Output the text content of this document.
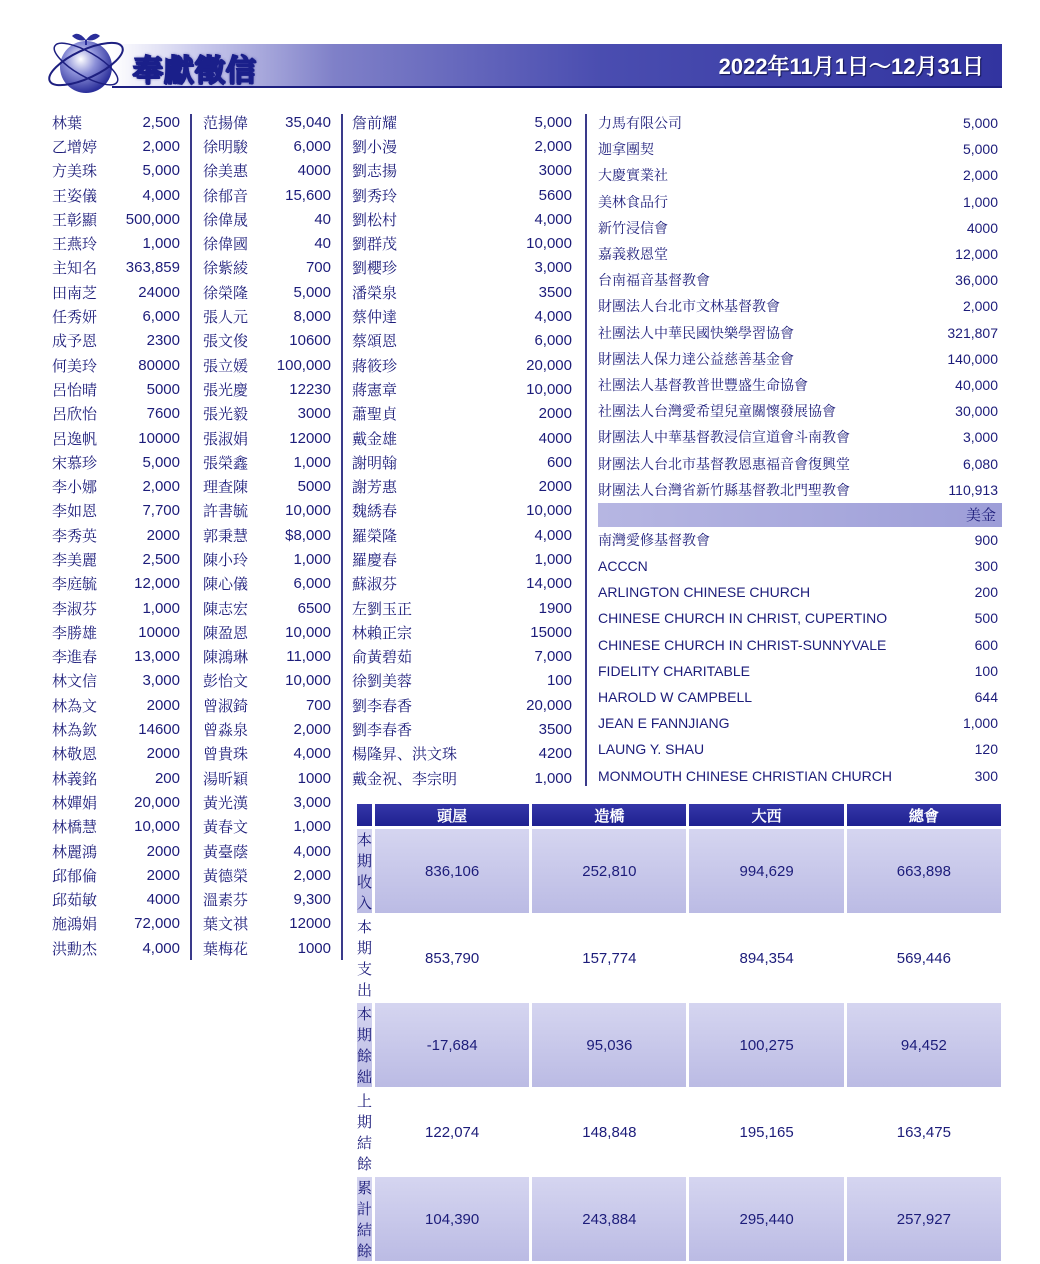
奉獻徵信	2022年11月1日～12月31日
林葉	2,500
乙增婷	2,000
方美珠	5,000
王姿儀	4,000
王彰顯	500,000
王燕玲	1,000
主知名	363,859
田南芝	24000
任秀妍	6,000
成予恩	2300
何美玲	80000
呂怡晴	5000
呂欣怡	7600
呂逸帆	10000
宋慕珍	5,000
李小娜	2,000
李如恩	7,700
李秀英	2000
李美麗	2,500
李庭毓	12,000
李淑芬	1,000
李勝雄	10000
李進春	13,000
林文信	3,000
林為文	2000
林為欽	14600
林敬恩	2000
林義銘	200
林嬋娟	20,000
林橋慧	10,000
林麗鴻	2000
邱郁倫	2000
邱茹敏	4000
施鴻娟	72,000
洪勳杰	4,000
范揚偉	35,040
徐明駿	6,000
徐美惠	4000
徐郁音	15,600
徐偉晟	40
徐偉國	40
徐紫綾	700
徐榮隆	5,000
張人元	8,000
張文俊	10600
張立媛	100,000
張光慶	12230
張光毅	3000
張淑娟	12000
張榮鑫	1,000
理查陳	5000
許書毓	10,000
郭秉慧	$8,000
陳小玲	1,000
陳心儀	6,000
陳志宏	6500
陳盈恩	10,000
陳鴻琳	11,000
彭怡文	10,000
曾淑錡	700
曾淼泉	2,000
曾貴珠	4,000
湯昕穎	1000
黃光漢	3,000
黃春文	1,000
黃臺蔭	4,000
黃德榮	2,000
溫素芬	9,300
葉文祺	12000
葉梅花	1000
詹前耀	5,000
劉小漫	2,000
劉志揚	3000
劉秀玲	5600
劉松村	4,000
劉群茂	10,000
劉櫻珍	3,000
潘榮泉	3500
蔡仲達	4,000
蔡頌恩	6,000
蔣筱珍	20,000
蔣憲章	10,000
蕭聖貞	2000
戴金雄	4000
謝明翰	600
謝芳惠	2000
魏綉春	10,000
羅榮隆	4,000
羅慶春	1,000
蘇淑芬	14,000
左劉玉正	1900
林賴正宗	15000
俞黃碧茹	7,000
徐劉美蓉	100
劉李春香	20,000
劉李春香	3500
楊隆昇、洪文珠	4200
戴金祝、李宗明	1,000
力馬有限公司	5,000
迦拿團契	5,000
大慶實業社	2,000
美林食品行	1,000
新竹浸信會	4000
嘉義救恩堂	12,000
台南福音基督教會	36,000
財團法人台北市文林基督教會	2,000
社團法人中華民國快樂學習協會	321,807
財團法人保力達公益慈善基金會	140,000
社團法人基督教普世豐盛生命協會	40,000
社團法人台灣愛希望兒童關懷發展協會	30,000
財團法人中華基督教浸信宣道會斗南教會	3,000
財團法人台北市基督教恩惠福音會復興堂	6,080
財團法人台灣省新竹縣基督教北門聖教會	110,913
美金
南灣愛修基督教會	900
ACCCN	300
ARLINGTON CHINESE CHURCH	200
CHINESE CHURCH IN CHRIST, CUPERTINO	500
CHINESE CHURCH IN CHRIST-SUNNYVALE	600
FIDELITY CHARITABLE	100
HAROLD W CAMPBELL	644
JEAN E FANNJIANG	1,000
LAUNG Y. SHAU	120
MONMOUTH CHINESE CHRISTIAN CHURCH	300
	頭屋	造橋	大西	總會
本期收入	836,106	252,810	994,629	663,898
本期支出	853,790	157,774	894,354	569,446
本期餘絀	-17,684	95,036	100,275	94,452
上期結餘	122,074	148,848	195,165	163,475
累計結餘	104,390	243,884	295,440	257,927
